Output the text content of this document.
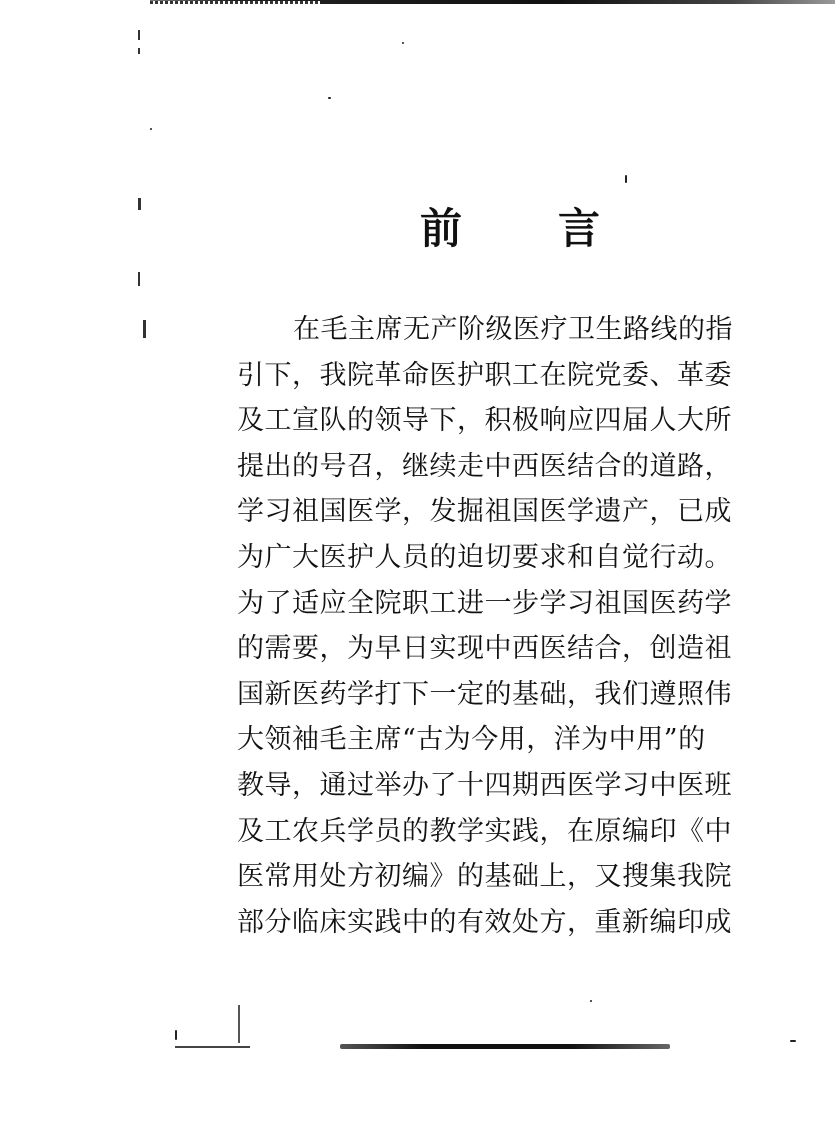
前 言
在毛主席无产阶级医疗卫生路线的指
引下，我院革命医护职工在院党委、革委
及工宣队的领导下，积极响应四届人大所
提出的号召，继续走中西医结合的道路，
学习祖国医学，发掘祖国医学遗产，已成
为广大医护人员的迫切要求和自觉行动。
为了适应全院职工进一步学习祖国医药学
的需要，为早日实现中西医结合，创造祖
国新医药学打下一定的基础，我们遵照伟
大领袖毛主席“古为今用，洋为中用”的
教导，通过举办了十四期西医学习中医班
及工农兵学员的教学实践，在原编印《中
医常用处方初编》的基础上，又搜集我院
部分临床实践中的有效处方，重新编印成
